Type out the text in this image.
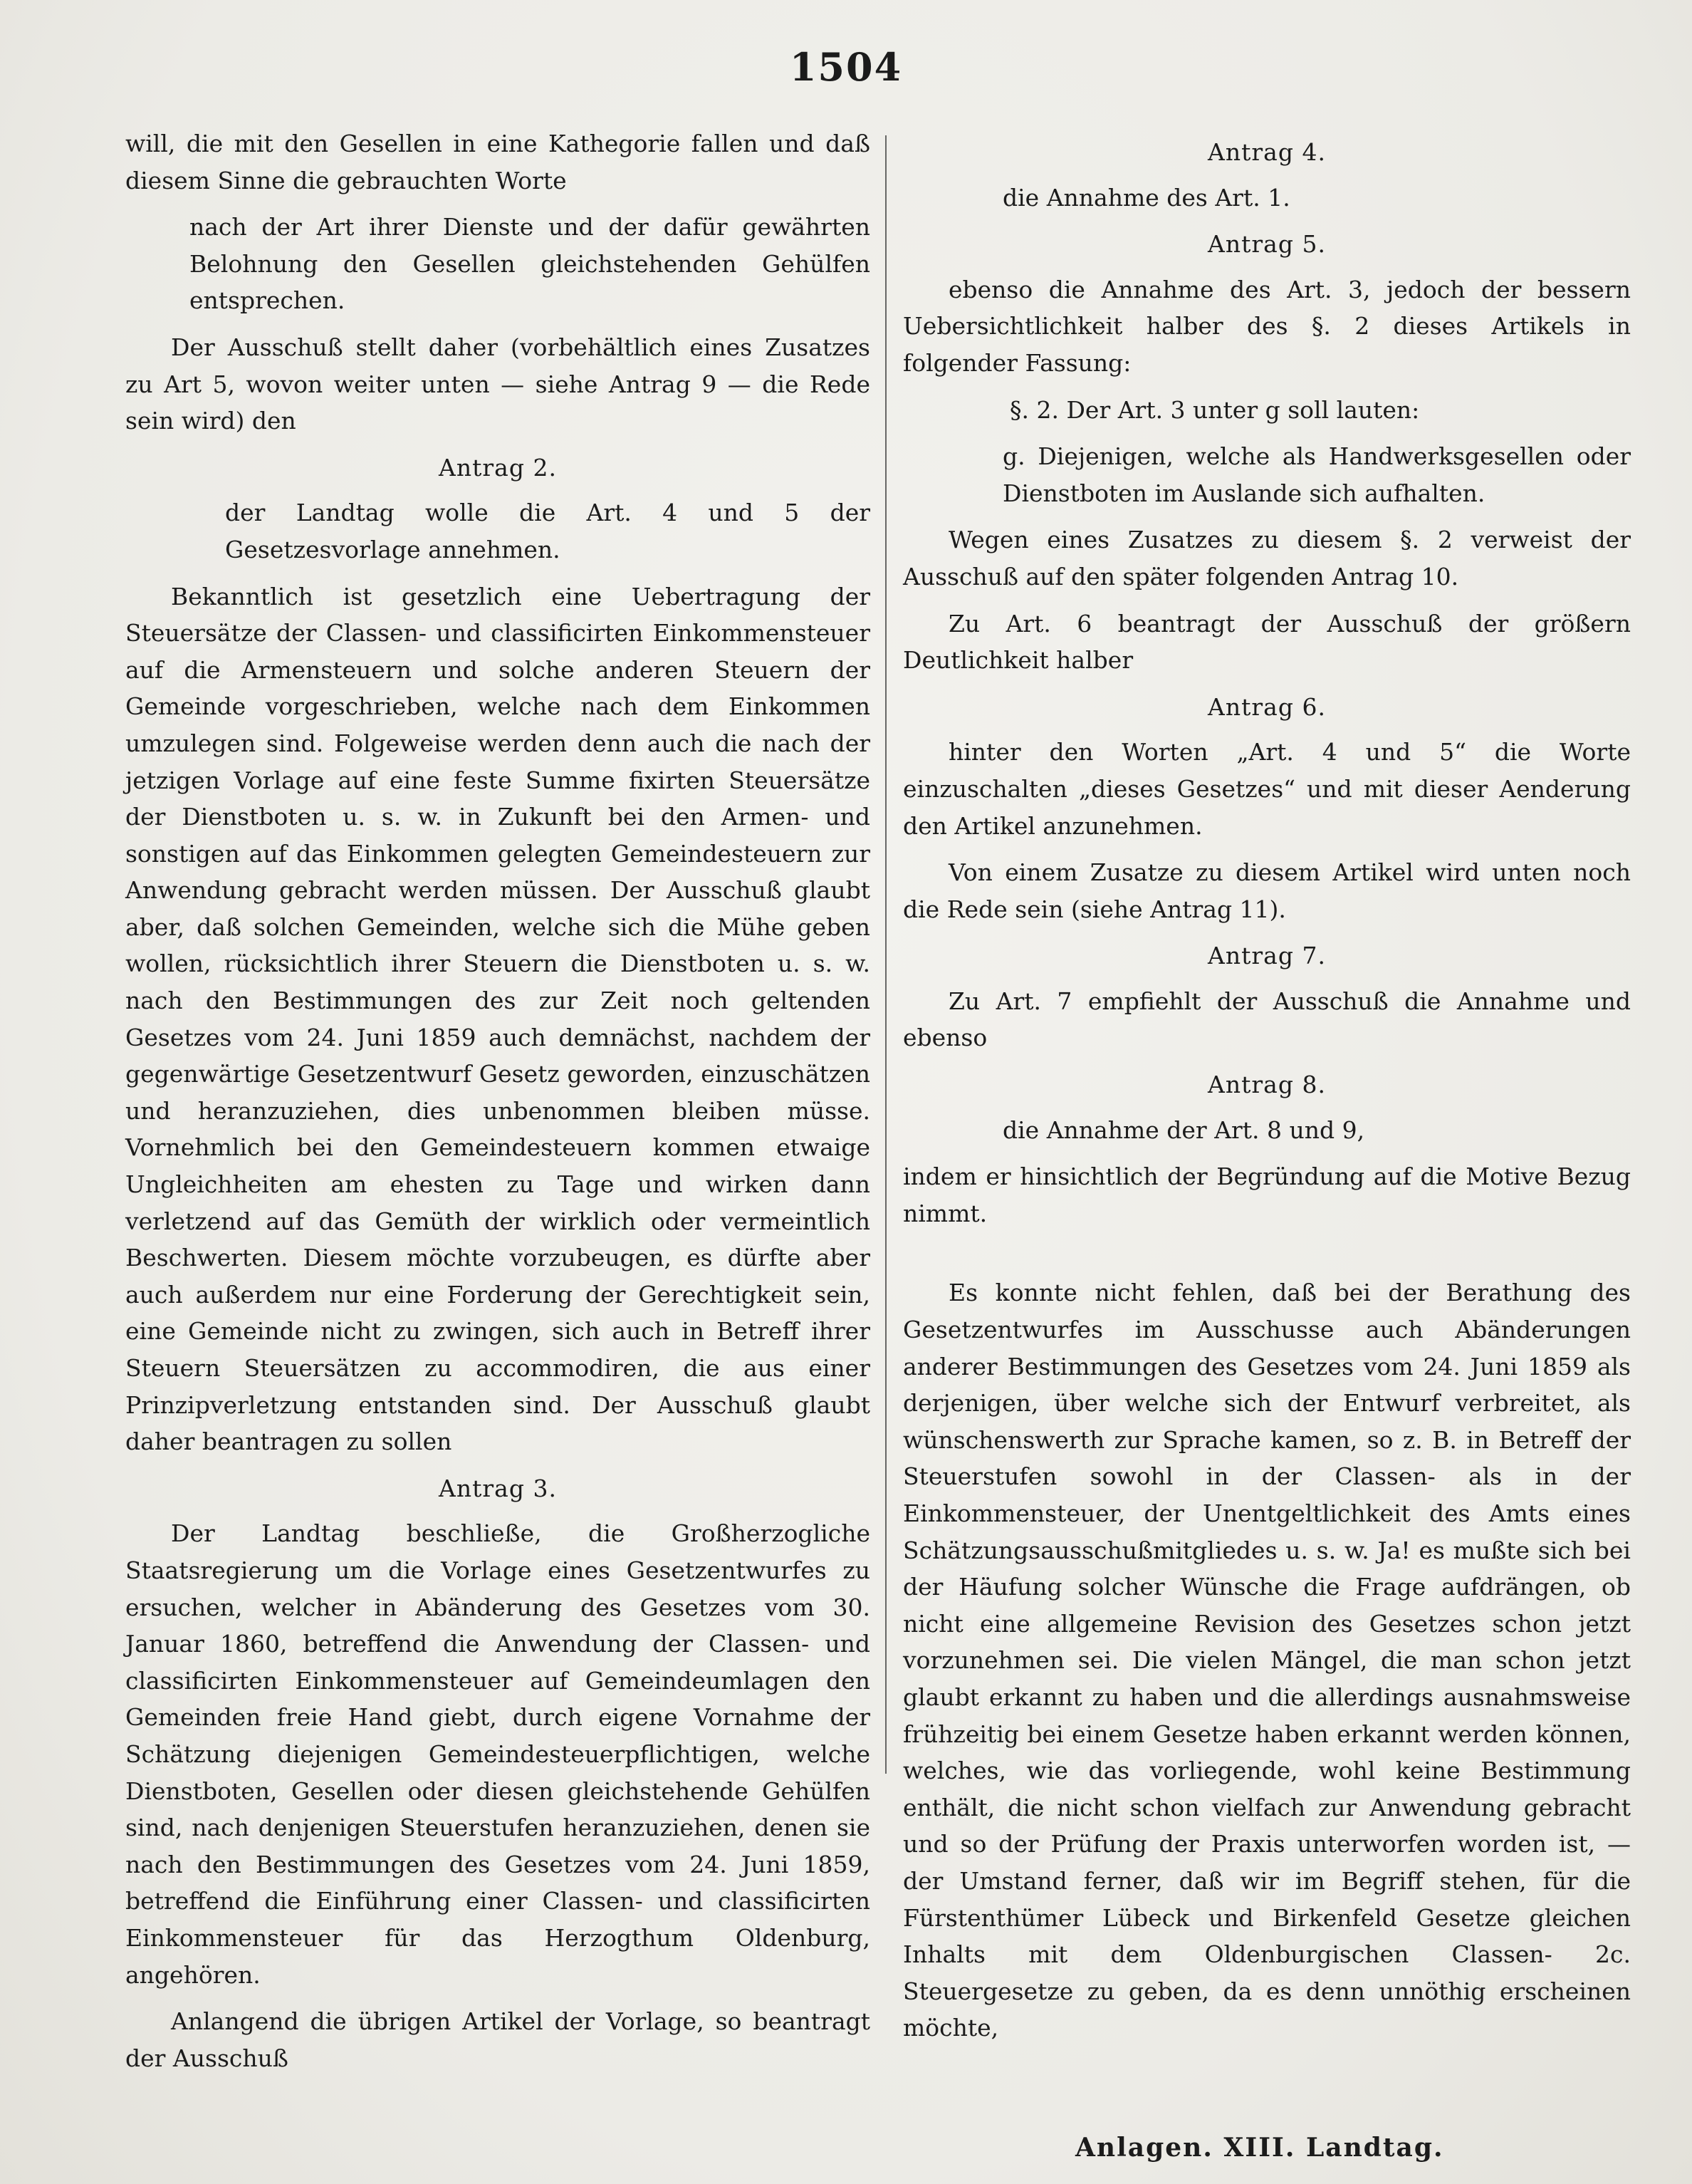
1504

will, die mit den Gesellen in eine Kathegorie fallen und daß diesem Sinne die gebrauchten Worte

nach der Art ihrer Dienste und der dafür gewährten Belohnung den Gesellen gleichstehenden Gehülfen entsprechen.

Der Ausschuß stellt daher (vorbehältlich eines Zusatzes zu Art 5, wovon weiter unten — siehe Antrag 9 — die Rede sein wird) den

Antrag 2.

der Landtag wolle die Art. 4 und 5 der Gesetzesvorlage annehmen.

Bekanntlich ist gesetzlich eine Uebertragung der Steuersätze der Classen- und classificirten Einkommensteuer auf die Armensteuern und solche anderen Steuern der Gemeinde vorgeschrieben, welche nach dem Einkommen umzulegen sind. Folgeweise werden denn auch die nach der jetzigen Vorlage auf eine feste Summe fixirten Steuersätze der Dienstboten u. s. w. in Zukunft bei den Armen- und sonstigen auf das Einkommen gelegten Gemeindesteuern zur Anwendung gebracht werden müssen. Der Ausschuß glaubt aber, daß solchen Gemeinden, welche sich die Mühe geben wollen, rücksichtlich ihrer Steuern die Dienstboten u. s. w. nach den Bestimmungen des zur Zeit noch geltenden Gesetzes vom 24. Juni 1859 auch demnächst, nachdem der gegenwärtige Gesetzentwurf Gesetz geworden, einzuschätzen und heranzuziehen, dies unbenommen bleiben müsse. Vornehmlich bei den Gemeindesteuern kommen etwaige Ungleichheiten am ehesten zu Tage und wirken dann verletzend auf das Gemüth der wirklich oder vermeintlich Beschwerten. Diesem möchte vorzubeugen, es dürfte aber auch außerdem nur eine Forderung der Gerechtigkeit sein, eine Gemeinde nicht zu zwingen, sich auch in Betreff ihrer Steuern Steuersätzen zu accommodiren, die aus einer Prinzipverletzung entstanden sind. Der Ausschuß glaubt daher beantragen zu sollen

Antrag 3.

Der Landtag beschließe, die Großherzogliche Staatsregierung um die Vorlage eines Gesetzentwurfes zu ersuchen, welcher in Abänderung des Gesetzes vom 30. Januar 1860, betreffend die Anwendung der Classen- und classificirten Einkommensteuer auf Gemeindeumlagen den Gemeinden freie Hand giebt, durch eigene Vornahme der Schätzung diejenigen Gemeindesteuerpflichtigen, welche Dienstboten, Gesellen oder diesen gleichstehende Gehülfen sind, nach denjenigen Steuerstufen heranzuziehen, denen sie nach den Bestimmungen des Gesetzes vom 24. Juni 1859, betreffend die Einführung einer Classen- und classificirten Einkommensteuer für das Herzogthum Oldenburg, angehören.

Anlangend die übrigen Artikel der Vorlage, so beantragt der Ausschuß

Antrag 4.

die Annahme des Art. 1.

Antrag 5.

ebenso die Annahme des Art. 3, jedoch der bessern Uebersichtlichkeit halber des §. 2 dieses Artikels in folgender Fassung:

§. 2. Der Art. 3 unter g soll lauten:

g. Diejenigen, welche als Handwerksgesellen oder Dienstboten im Auslande sich aufhalten.

Wegen eines Zusatzes zu diesem §. 2 verweist der Ausschuß auf den später folgenden Antrag 10.

Zu Art. 6 beantragt der Ausschuß der größern Deutlichkeit halber

Antrag 6.

hinter den Worten „Art. 4 und 5“ die Worte einzuschalten „dieses Gesetzes“ und mit dieser Aenderung den Artikel anzunehmen.

Von einem Zusatze zu diesem Artikel wird unten noch die Rede sein (siehe Antrag 11).

Antrag 7.

Zu Art. 7 empfiehlt der Ausschuß die Annahme und ebenso

Antrag 8.

die Annahme der Art. 8 und 9,

indem er hinsichtlich der Begründung auf die Motive Bezug nimmt.

Es konnte nicht fehlen, daß bei der Berathung des Gesetzentwurfes im Ausschusse auch Abänderungen anderer Bestimmungen des Gesetzes vom 24. Juni 1859 als derjenigen, über welche sich der Entwurf verbreitet, als wünschenswerth zur Sprache kamen, so z. B. in Betreff der Steuerstufen sowohl in der Classen- als in der Einkommensteuer, der Unentgeltlichkeit des Amts eines Schätzungsausschußmitgliedes u. s. w. Ja! es mußte sich bei der Häufung solcher Wünsche die Frage aufdrängen, ob nicht eine allgemeine Revision des Gesetzes schon jetzt vorzunehmen sei. Die vielen Mängel, die man schon jetzt glaubt erkannt zu haben und die allerdings ausnahmsweise frühzeitig bei einem Gesetze haben erkannt werden können, welches, wie das vorliegende, wohl keine Bestimmung enthält, die nicht schon vielfach zur Anwendung gebracht und so der Prüfung der Praxis unterworfen worden ist, — der Umstand ferner, daß wir im Begriff stehen, für die Fürstenthümer Lübeck und Birkenfeld Gesetze gleichen Inhalts mit dem Oldenburgischen Classen- 2c. Steuergesetze zu geben, da es denn unnöthig erscheinen möchte,

Anlagen. XIII. Landtag.
